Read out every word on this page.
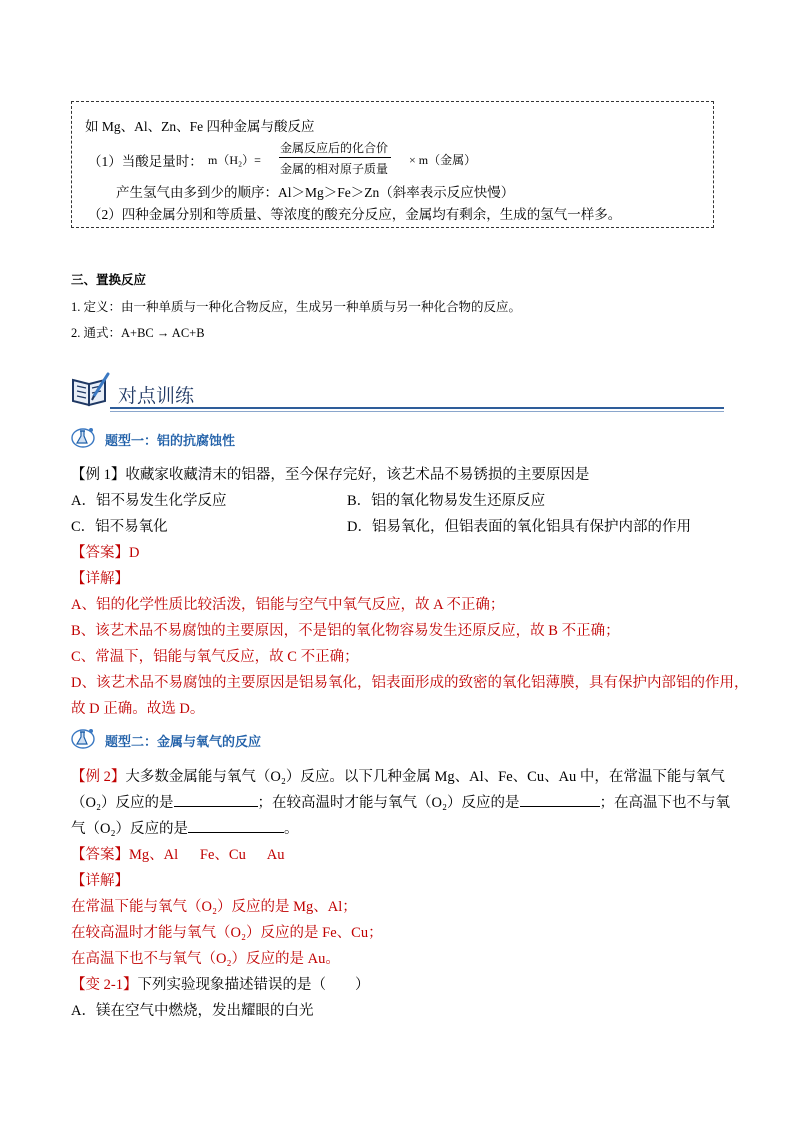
如 Mg、Al、Zn、Fe 四种金属与酸反应
（1）当酸足量时： m（H₂）=
金属反应后的化合价
金属的相对原子质量
× m（金属）
产生氢气由多到少的顺序：Al＞Mg＞Fe＞Zn（斜率表示反应快慢）
（2）四种金属分别和等质量、等浓度的酸充分反应，金属均有剩余，生成的氢气一样多。
三、置换反应
1. 定义：由一种单质与一种化合物反应，生成另一种单质与另一种化合物的反应。
2. 通式：A+BC → AC+B
对点训练
题型一：铝的抗腐蚀性
【例 1】收藏家收藏清末的铝器，至今保存完好，该艺术品不易锈损的主要原因是
A．铝不易发生化学反应	B．铝的氧化物易发生还原反应
C．铝不易氧化	D．铝易氧化，但铝表面的氧化铝具有保护内部的作用
【答案】D
【详解】
A、铝的化学性质比较活泼，铝能与空气中氧气反应，故 A 不正确；
B、该艺术品不易腐蚀的主要原因，不是铝的氧化物容易发生还原反应，故 B 不正确；
C、常温下，铝能与氧气反应，故 C 不正确；
D、该艺术品不易腐蚀的主要原因是铝易氧化，铝表面形成的致密的氧化铝薄膜，具有保护内部铝的作用，
故 D 正确。故选 D。
题型二：金属与氧气的反应
【例 2】大多数金属能与氧气（O₂）反应。以下几种金属 Mg、Al、Fe、Cu、Au 中，在常温下能与氧气
（O₂）反应的是	；在较高温时才能与氧气（O₂）反应的是	；在高温下也不与氧
气（O₂）反应的是	。
【答案】Mg、Al      Fe、Cu      Au
【详解】
在常温下能与氧气（O₂）反应的是 Mg、Al；
在较高温时才能与氧气（O₂）反应的是 Fe、Cu；
在高温下也不与氧气（O₂）反应的是 Au。
【变 2-1】下列实验现象描述错误的是（        ）
A．镁在空气中燃烧，发出耀眼的白光
